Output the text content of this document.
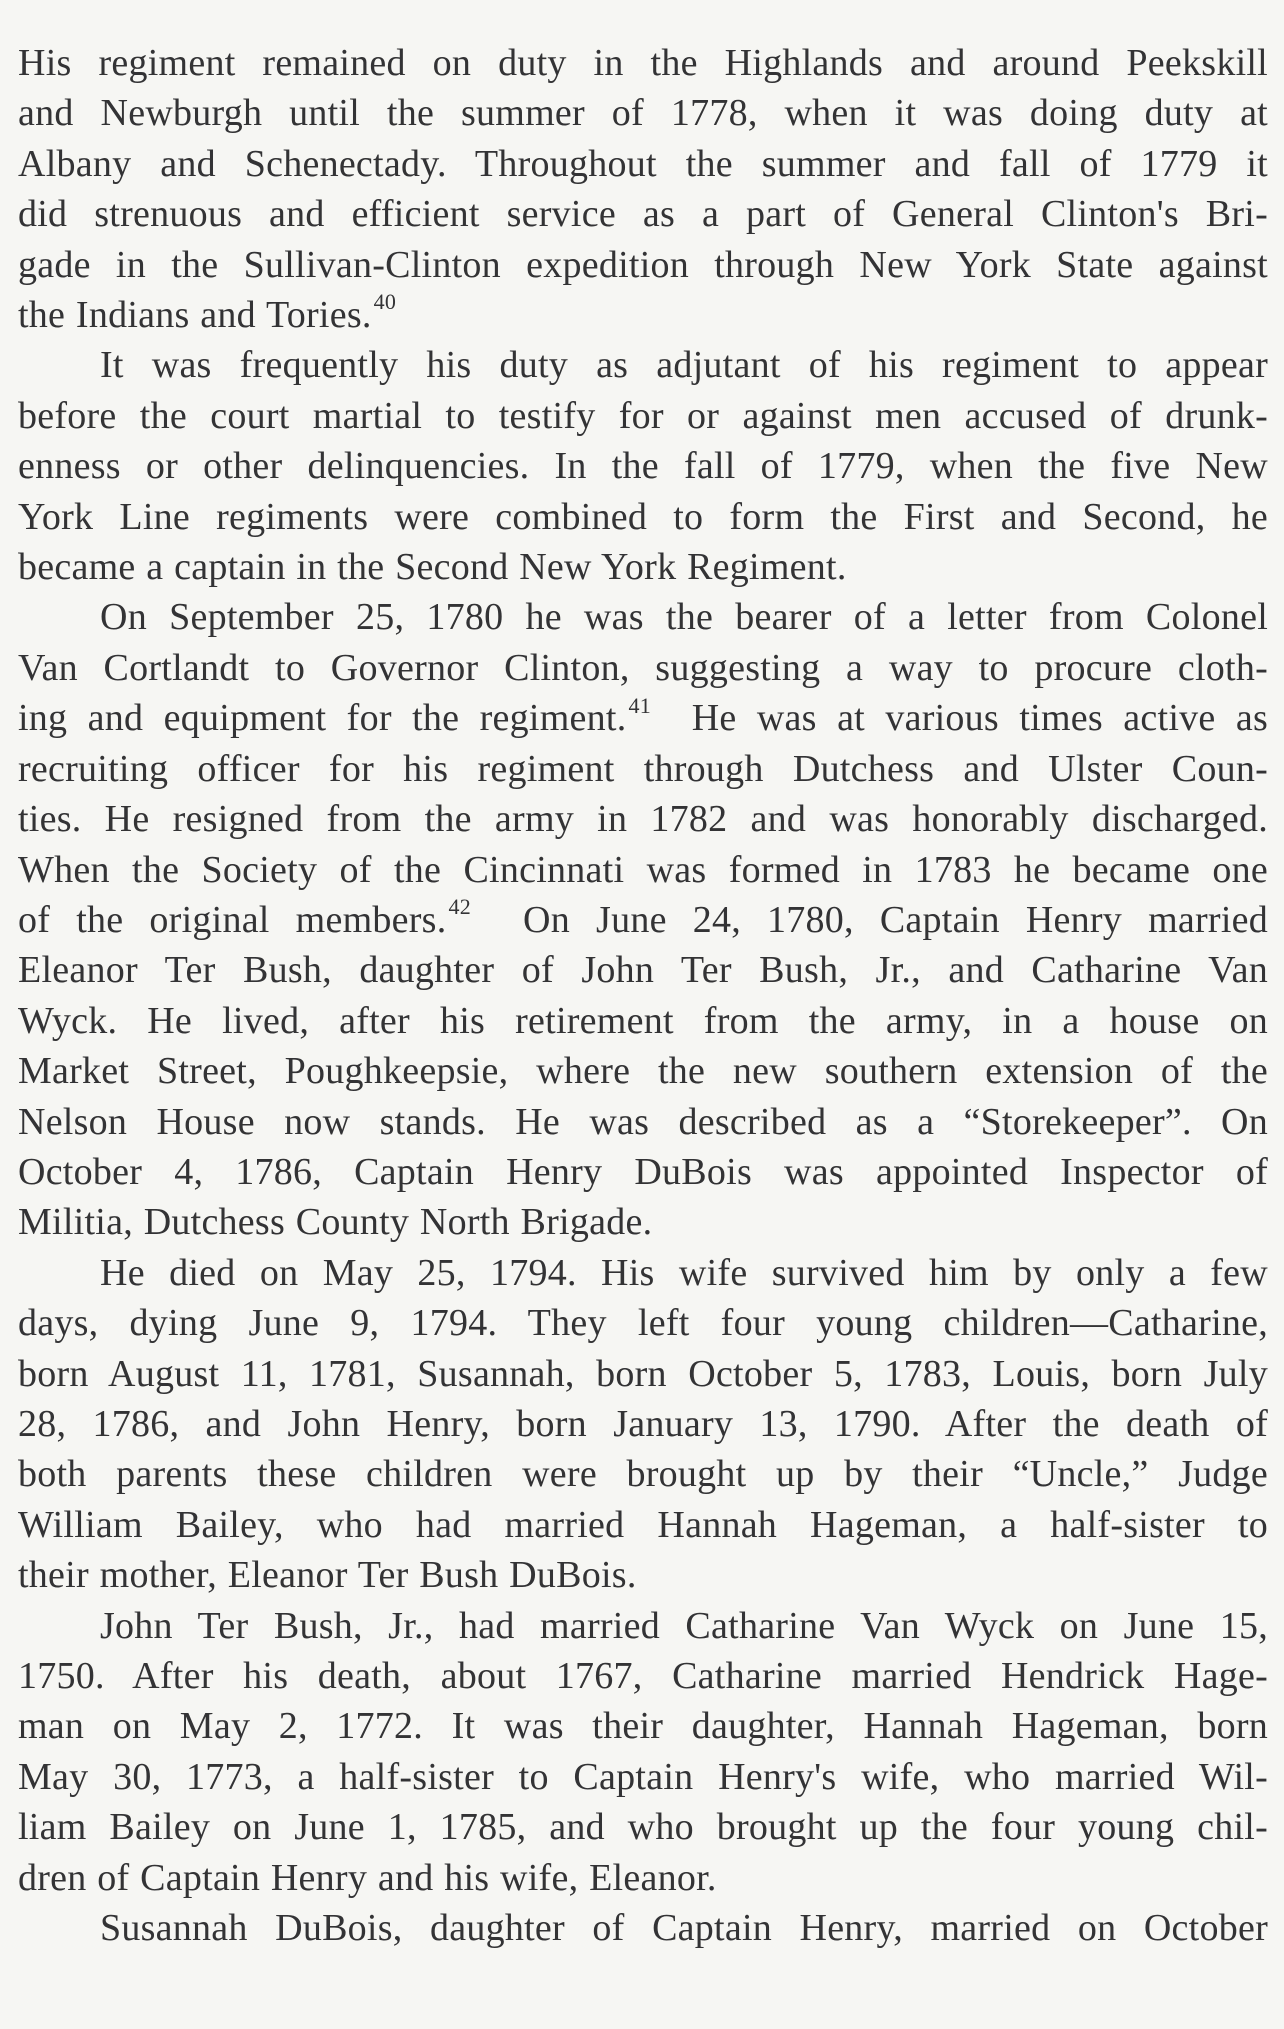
His regiment remained on duty in the Highlands and around Peekskill
and Newburgh until the summer of 1778, when it was doing duty at
Albany and Schenectady. Throughout the summer and fall of 1779 it
did strenuous and efficient service as a part of General Clinton's Bri-
gade in the Sullivan-Clinton expedition through New York State against
the Indians and Tories.$^{40}$

It was frequently his duty as adjutant of his regiment to appear
before the court martial to testify for or against men accused of drunk-
enness or other delinquencies. In the fall of 1779, when the five New
York Line regiments were combined to form the First and Second, he
became a captain in the Second New York Regiment.

On September 25, 1780 he was the bearer of a letter from Colonel
Van Cortlandt to Governor Clinton, suggesting a way to procure cloth-
ing and equipment for the regiment.$^{41}$ He was at various times active as
recruiting officer for his regiment through Dutchess and Ulster Coun-
ties. He resigned from the army in 1782 and was honorably discharged.
When the Society of the Cincinnati was formed in 1783 he became one
of the original members.$^{42}$ On June 24, 1780, Captain Henry married
Eleanor Ter Bush, daughter of John Ter Bush, Jr., and Catharine Van
Wyck. He lived, after his retirement from the army, in a house on
Market Street, Poughkeepsie, where the new southern extension of the
Nelson House now stands. He was described as a “Storekeeper”. On
October 4, 1786, Captain Henry DuBois was appointed Inspector of
Militia, Dutchess County North Brigade.

He died on May 25, 1794. His wife survived him by only a few
days, dying June 9, 1794. They left four young children—Catharine,
born August 11, 1781, Susannah, born October 5, 1783, Louis, born July
28, 1786, and John Henry, born January 13, 1790. After the death of
both parents these children were brought up by their “Uncle,” Judge
William Bailey, who had married Hannah Hageman, a half-sister to
their mother, Eleanor Ter Bush DuBois.

John Ter Bush, Jr., had married Catharine Van Wyck on June 15,
1750. After his death, about 1767, Catharine married Hendrick Hage-
man on May 2, 1772. It was their daughter, Hannah Hageman, born
May 30, 1773, a half-sister to Captain Henry's wife, who married Wil-
liam Bailey on June 1, 1785, and who brought up the four young chil-
dren of Captain Henry and his wife, Eleanor.

Susannah DuBois, daughter of Captain Henry, married on October
